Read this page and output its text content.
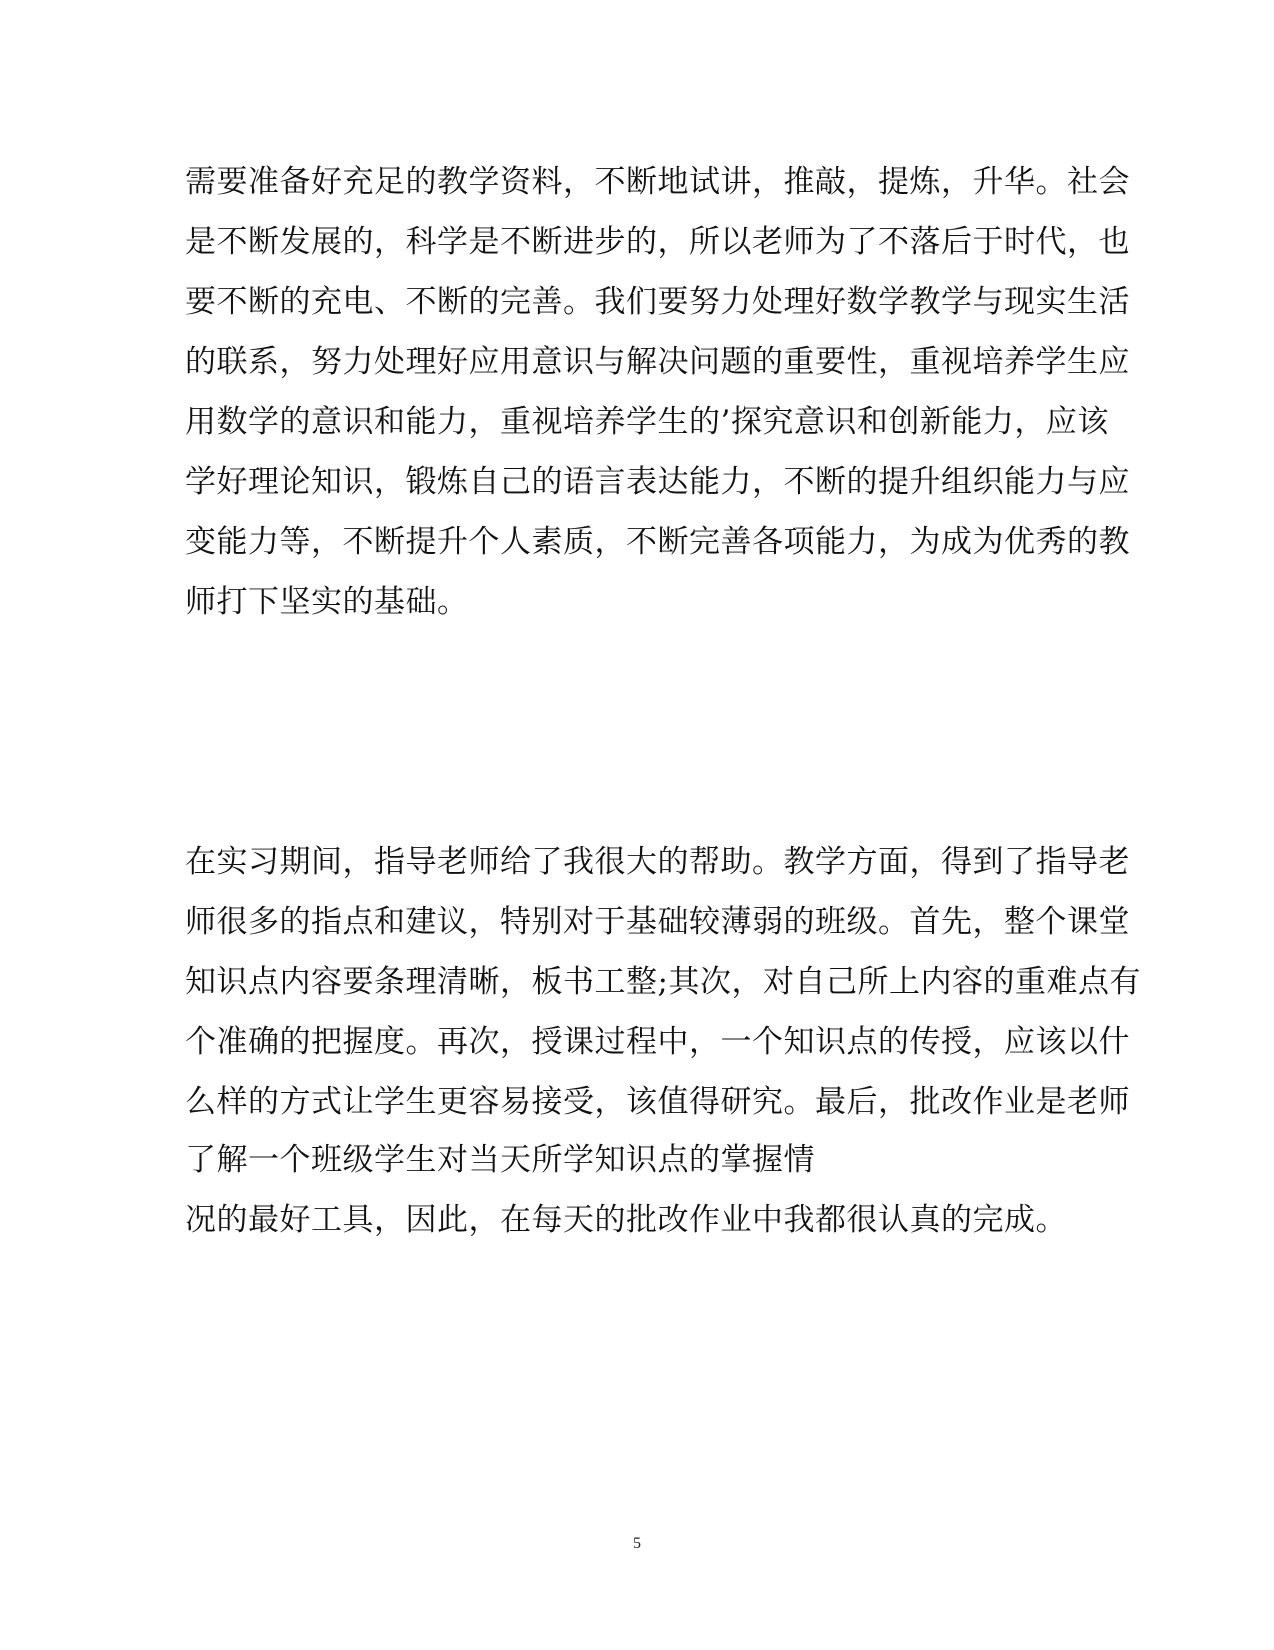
需要准备好充足的教学资料，不断地试讲，推敲，提炼，升华。社会
是不断发展的，科学是不断进步的，所以老师为了不落后于时代，也
要不断的充电、不断的完善。我们要努力处理好数学教学与现实生活
的联系，努力处理好应用意识与解决问题的重要性，重视培养学生应
用数学的意识和能力，重视培养学生的’探究意识和创新能力，应该
学好理论知识，锻炼自己的语言表达能力，不断的提升组织能力与应
变能力等，不断提升个人素质，不断完善各项能力，为成为优秀的教
师打下坚实的基础。
在实习期间，指导老师给了我很大的帮助。教学方面，得到了指导老
师很多的指点和建议，特别对于基础较薄弱的班级。首先，整个课堂
知识点内容要条理清晰，板书工整;其次，对自己所上内容的重难点有
个准确的把握度。再次，授课过程中，一个知识点的传授，应该以什
么样的方式让学生更容易接受，该值得研究。最后，批改作业是老师
了解一个班级学生对当天所学知识点的掌握情
况的最好工具，因此，在每天的批改作业中我都很认真的完成。
5
